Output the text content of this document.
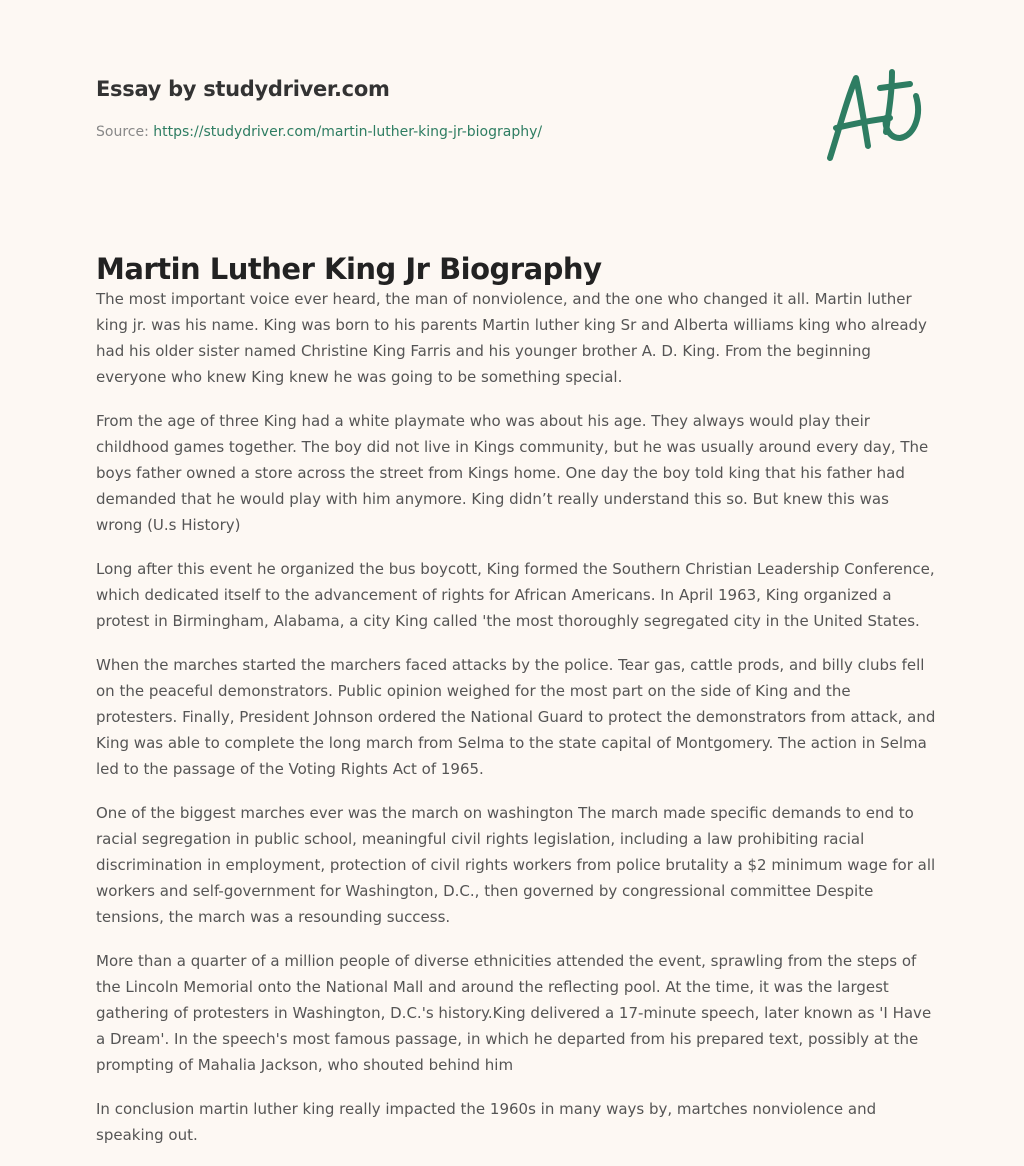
Essay by studydriver.com
Source: https://studydriver.com/martin-luther-king-jr-biography/
Martin Luther King Jr Biography

The most important voice ever heard, the man of nonviolence, and the one who changed it all. Martin luther king jr. was his name. King was born to his parents Martin luther king Sr and Alberta williams king who already had his older sister named Christine King Farris and his younger brother A. D. King. From the beginning everyone who knew King knew he was going to be something special.

From the age of three King had a white playmate who was about his age. They always would play their childhood games together. The boy did not live in Kings community, but he was usually around every day, The boys father owned a store across the street from Kings home. One day the boy told king that his father had demanded that he would play with him anymore. King didn’t really understand this so. But knew this was wrong (U.s History)

Long after this event he organized the bus boycott, King formed the Southern Christian Leadership Conference, which dedicated itself to the advancement of rights for African Americans. In April 1963, King organized a protest in Birmingham, Alabama, a city King called 'the most thoroughly segregated city in the United States.

When the marches started the marchers faced attacks by the police. Tear gas, cattle prods, and billy clubs fell on the peaceful demonstrators. Public opinion weighed for the most part on the side of King and the protesters. Finally, President Johnson ordered the National Guard to protect the demonstrators from attack, and King was able to complete the long march from Selma to the state capital of Montgomery. The action in Selma led to the passage of the Voting Rights Act of 1965.

One of the biggest marches ever was the march on washington The march made specific demands to end to racial segregation in public school, meaningful civil rights legislation, including a law prohibiting racial discrimination in employment, protection of civil rights workers from police brutality a $2 minimum wage for all workers and self-government for Washington, D.C., then governed by congressional committee Despite tensions, the march was a resounding success.

More than a quarter of a million people of diverse ethnicities attended the event, sprawling from the steps of the Lincoln Memorial onto the National Mall and around the reflecting pool. At the time, it was the largest gathering of protesters in Washington, D.C.'s history.King delivered a 17-minute speech, later known as 'I Have a Dream'. In the speech's most famous passage, in which he departed from his prepared text, possibly at the prompting of Mahalia Jackson, who shouted behind him

In conclusion martin luther king really impacted the 1960s in many ways by, martches nonviolence and speaking out.
